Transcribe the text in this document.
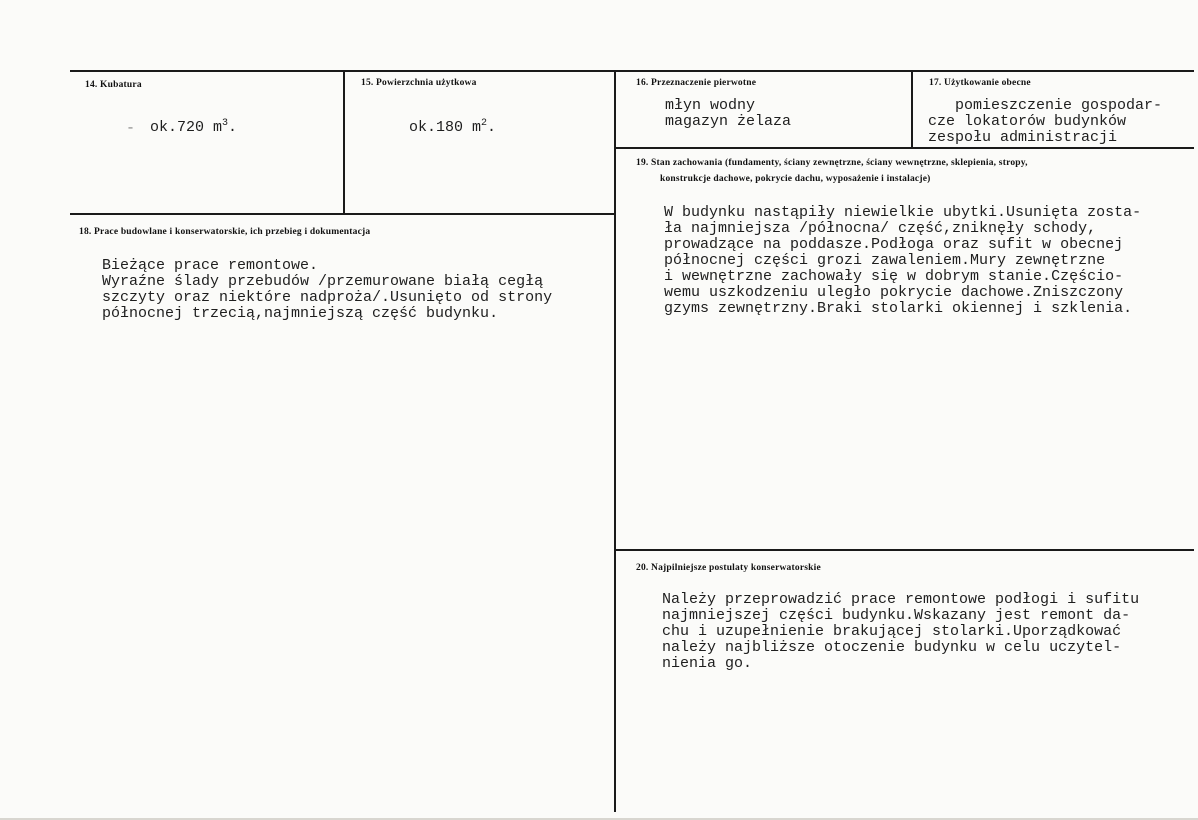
14. Kubatura
- ok.720 $m^3$.
15. Powierzchnia użytkowa
ok.180 $m^2$.
16. Przeznaczenie pierwotne
młyn wodny
magazyn żelaza
17. Użytkowanie obecne
pomieszczenie gospodar-
cze lokatorów budynków
zespołu administracji
18. Prace budowlane i konserwatorskie, ich przebieg i dokumentacja
Bieżące prace remontowe.
Wyraźne ślady przebudów /przemurowane białą cegłą
szczyty oraz niektóre nadproża/.Usunięto od strony
północnej trzecią,najmniejszą część budynku.
19. Stan zachowania (fundamenty, ściany zewnętrzne, ściany wewnętrzne, sklepienia, stropy,
konstrukcje dachowe, pokrycie dachu, wyposażenie i instalacje)
W budynku nastąpiły niewielkie ubytki.Usunięta zosta-
ła najmniejsza /północna/ część,zniknęły schody,
prowadzące na poddasze.Podłoga oraz sufit w obecnej
północnej części grozi zawaleniem.Mury zewnętrzne
i wewnętrzne zachowały się w dobrym stanie.Częścio-
wemu uszkodzeniu uległo pokrycie dachowe.Zniszczony
gzyms zewnętrzny.Braki stolarki okiennej i szklenia.
20. Najpilniejsze postulaty konserwatorskie
Należy przeprowadzić prace remontowe podłogi i sufitu
najmniejszej części budynku.Wskazany jest remont da-
chu i uzupełnienie brakującej stolarki.Uporządkować
należy najbliższe otoczenie budynku w celu uczytel-
nienia go.
